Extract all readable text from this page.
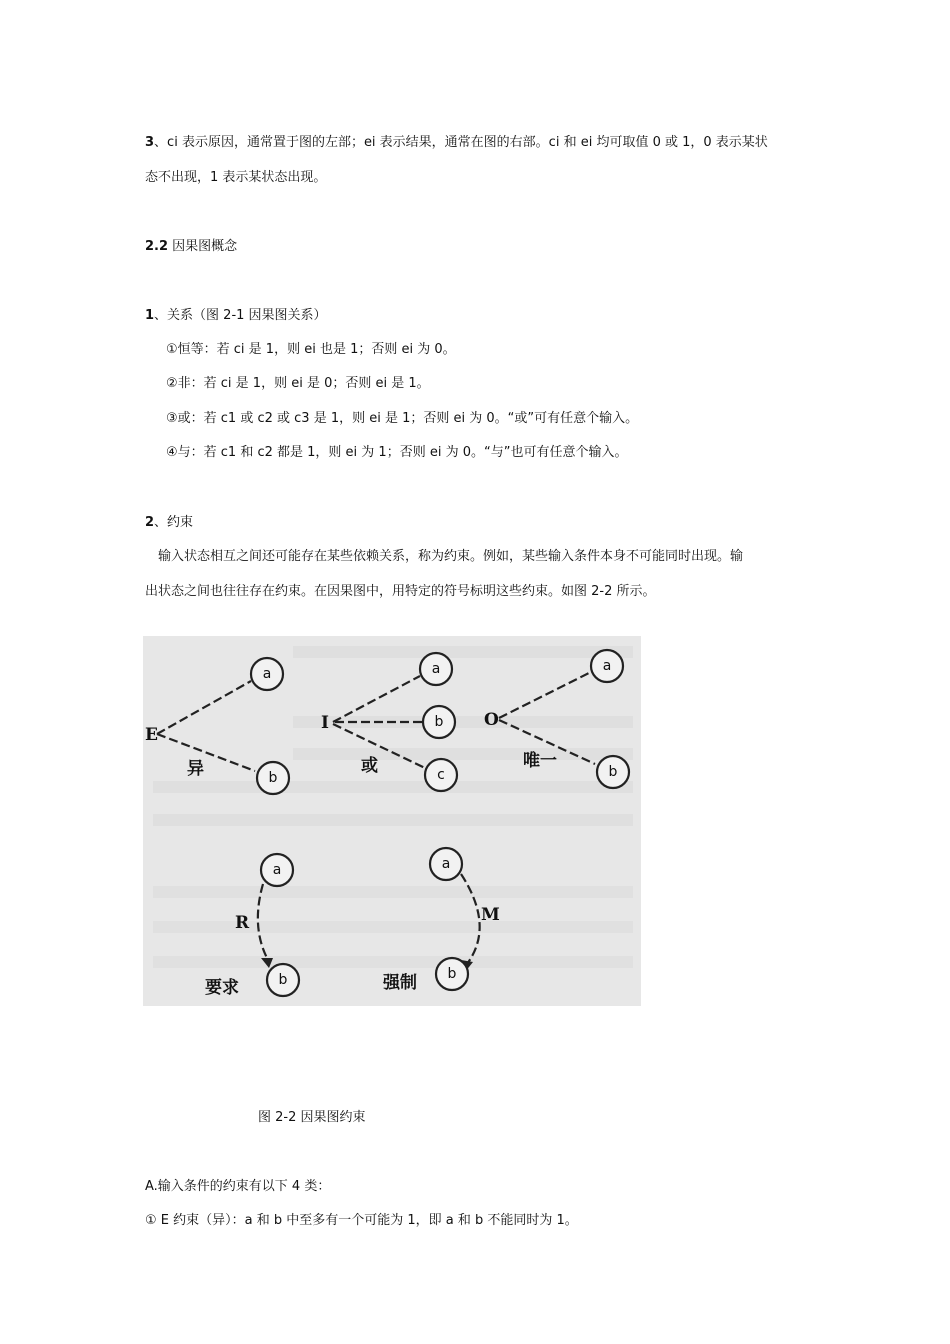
3、ci 表示原因，通常置于图的左部；ei 表示结果，通常在图的右部。ci 和 ei 均可取值 0 或 1，0 表示某状
态不出现，1 表示某状态出现。
2.2 因果图概念
1、关系（图 2-1 因果图关系）
①恒等：若 ci 是 1，则 ei 也是 1；否则 ei 为 0。
②非：若 ci 是 1，则 ei 是 0；否则 ei 是 1。
③或：若 c1 或 c2 或 c3 是 1，则 ei 是 1；否则 ei 为 0。“或”可有任意个输入。
④与：若 c1 和 c2 都是 1，则 ei 为 1；否则 ei 为 0。“与”也可有任意个输入。
2、约束
输入状态相互之间还可能存在某些依赖关系，称为约束。例如，某些输入条件本身不可能同时出现。输
出状态之间也往往存在约束。在因果图中，用特定的符号标明这些约束。如图 2-2 所示。
a
b
E
异
a
b
c
I
或
a
b
O
唯一
a
b
R
要求
a
b
M
强制
图 2-2 因果图约束
A.输入条件的约束有以下 4 类：
① E 约束（异）：a 和 b 中至多有一个可能为 1，即 a 和 b 不能同时为 1。
